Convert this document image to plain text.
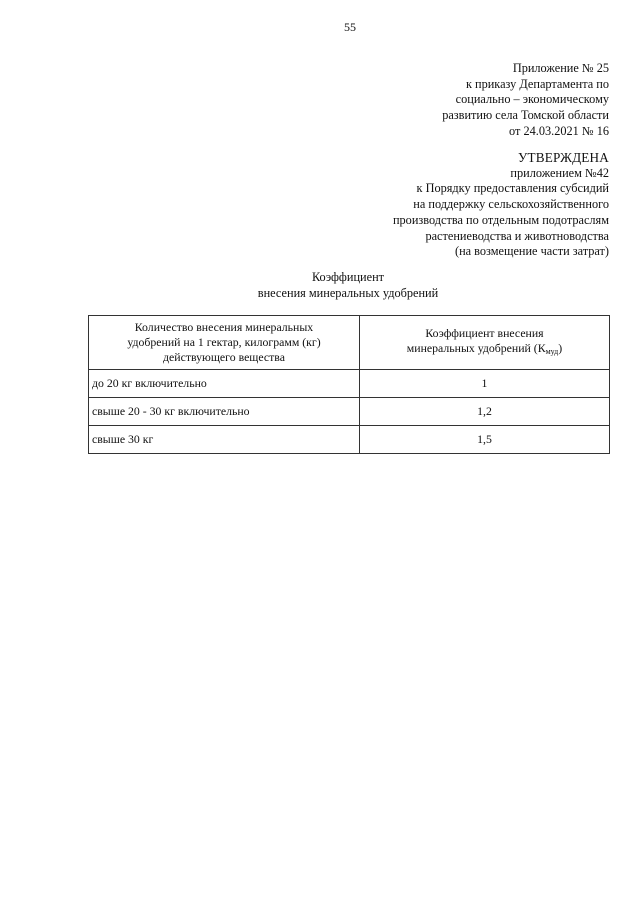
55
Приложение № 25
к приказу Департамента по
социально – экономическому
развитию села Томской области
от 24.03.2021 № 16
УТВЕРЖДЕНА
приложением №42
к Порядку предоставления субсидий
на поддержку сельскохозяйственного
производства по отдельным подотраслям
растениеводства и животноводства
(на возмещение части затрат)
Коэффициент
внесения минеральных удобрений
Количество внесения минеральных
удобрений на 1 гектар, килограмм (кг)
действующего вещества	Коэффициент внесения
минеральных удобрений $(К_{муд})$

до 20 кг включительно	1
свыше 20 - 30 кг включительно	1,2
свыше 30 кг	1,5
